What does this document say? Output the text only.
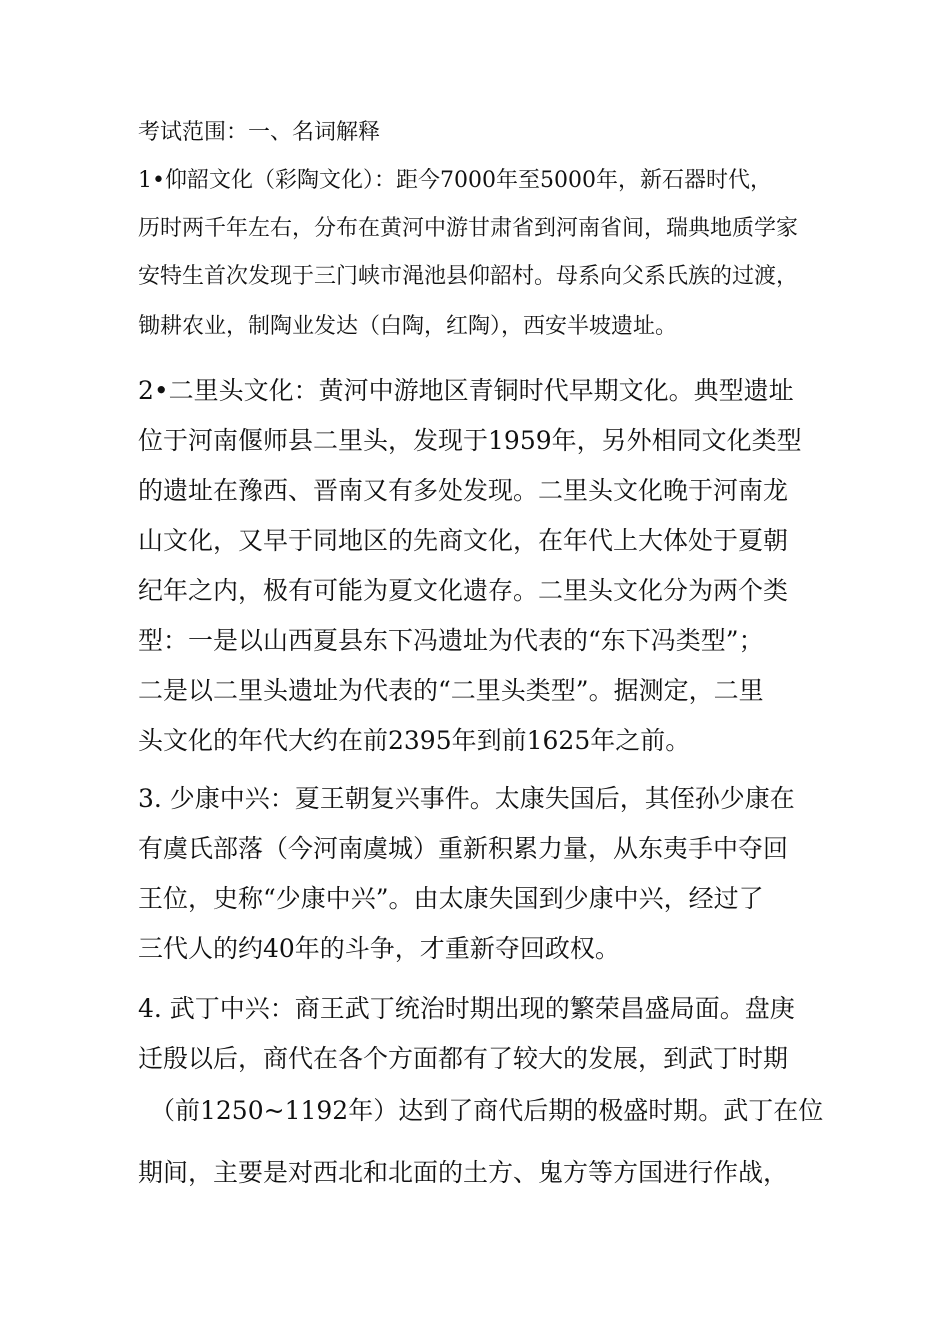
考试范围：一、名词解释
1•仰韶文化（彩陶文化）：距今7000年至5000年，新石器时代，
历时两千年左右，分布在黄河中游甘肃省到河南省间，瑞典地质学家
安特生首次发现于三门峡市渑池县仰韶村。母系向父系氏族的过渡，
锄耕农业，制陶业发达（白陶，红陶），西安半坡遗址。
2•二里头文化：黄河中游地区青铜时代早期文化。典型遗址
位于河南偃师县二里头，发现于1959年，另外相同文化类型
的遗址在豫西、晋南又有多处发现。二里头文化晚于河南龙
山文化，又早于同地区的先商文化，在年代上大体处于夏朝
纪年之内，极有可能为夏文化遗存。二里头文化分为两个类
型：一是以山西夏县东下冯遗址为代表的“东下冯类型”；
二是以二里头遗址为代表的“二里头类型”。据测定，二里
头文化的年代大约在前2395年到前1625年之前。
3. 少康中兴：夏王朝复兴事件。太康失国后，其侄孙少康在
有虞氏部落（今河南虞城）重新积累力量，从东夷手中夺回
王位，史称“少康中兴”。由太康失国到少康中兴，经过了
三代人的约40年的斗争，才重新夺回政权。
4. 武丁中兴：商王武丁统治时期出现的繁荣昌盛局面。盘庚
迁殷以后，商代在各个方面都有了较大的发展，到武丁时期
（前1250~1192年）达到了商代后期的极盛时期。武丁在位
期间，主要是对西北和北面的土方、鬼方等方国进行作战，
